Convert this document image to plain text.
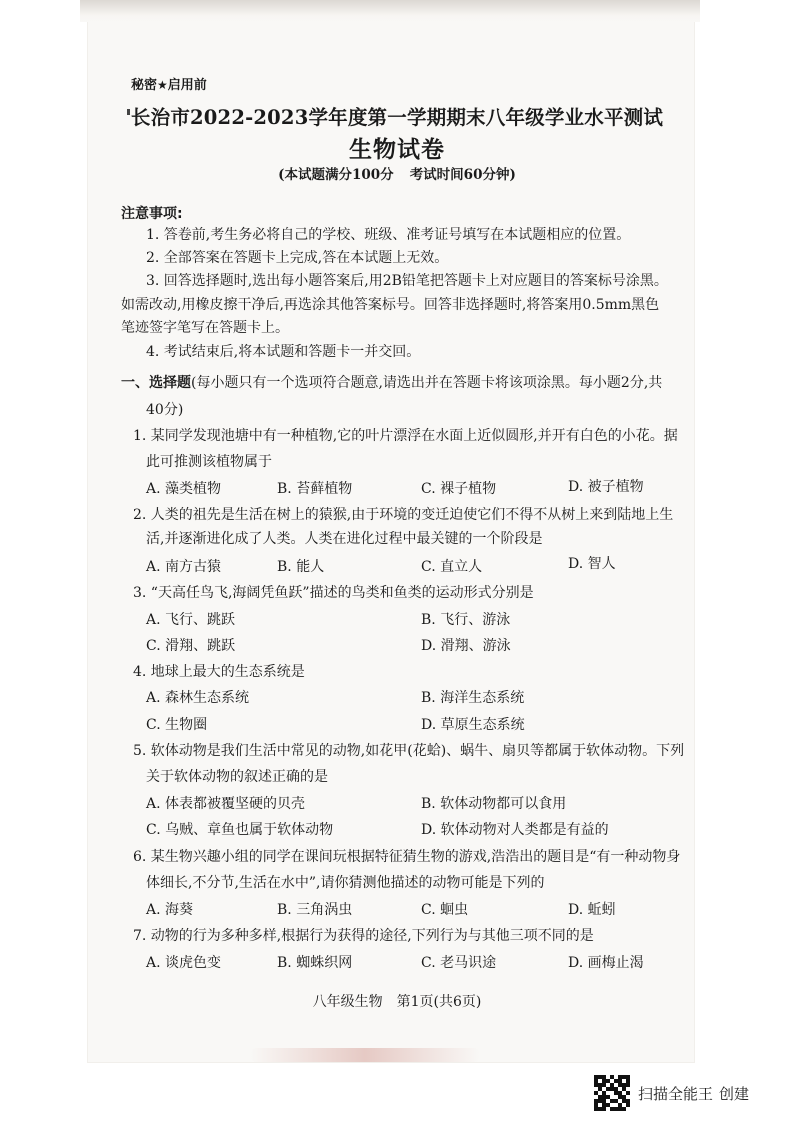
秘密★启用前
长治市2022-2023学年度第一学期期末八年级学业水平测试
生物试卷
(本试题满分100分 考试时间60分钟)
注意事项:
1. 答卷前,考生务必将自己的学校、班级、准考证号填写在本试题相应的位置。
2. 全部答案在答题卡上完成,答在本试题上无效。
3. 回答选择题时,选出每小题答案后,用2B铅笔把答题卡上对应题目的答案标号涂黑。
如需改动,用橡皮擦干净后,再选涂其他答案标号。回答非选择题时,将答案用0.5mm黑色
笔迹签字笔写在答题卡上。
4. 考试结束后,将本试题和答题卡一并交回。
一、选择题(每小题只有一个选项符合题意,请选出并在答题卡将该项涂黑。每小题2分,共
40分)
1. 某同学发现池塘中有一种植物,它的叶片漂浮在水面上近似圆形,并开有白色的小花。据
此可推测该植物属于
A. 藻类植物	B. 苔藓植物	C. 裸子植物	D. 被子植物
2. 人类的祖先是生活在树上的猿猴,由于环境的变迁迫使它们不得不从树上来到陆地上生
活,并逐渐进化成了人类。人类在进化过程中最关键的一个阶段是
A. 南方古猿	B. 能人	C. 直立人	D. 智人
3. “天高任鸟飞,海阔凭鱼跃”描述的鸟类和鱼类的运动形式分别是
A. 飞行、跳跃	B. 飞行、游泳
C. 滑翔、跳跃	D. 滑翔、游泳
4. 地球上最大的生态系统是
A. 森林生态系统	B. 海洋生态系统
C. 生物圈	D. 草原生态系统
5. 软体动物是我们生活中常见的动物,如花甲(花蛤)、蜗牛、扇贝等都属于软体动物。下列
关于软体动物的叙述正确的是
A. 体表都被覆坚硬的贝壳	B. 软体动物都可以食用
C. 乌贼、章鱼也属于软体动物	D. 软体动物对人类都是有益的
6. 某生物兴趣小组的同学在课间玩根据特征猜生物的游戏,浩浩出的题目是“有一种动物身
体细长,不分节,生活在水中”,请你猜测他描述的动物可能是下列的
A. 海葵	B. 三角涡虫	C. 蛔虫	D. 蚯蚓
7. 动物的行为多种多样,根据行为获得的途径,下列行为与其他三项不同的是
A. 谈虎色变	B. 蜘蛛织网	C. 老马识途	D. 画梅止渴
八年级生物 第1页(共6页)
扫描全能王 创建
